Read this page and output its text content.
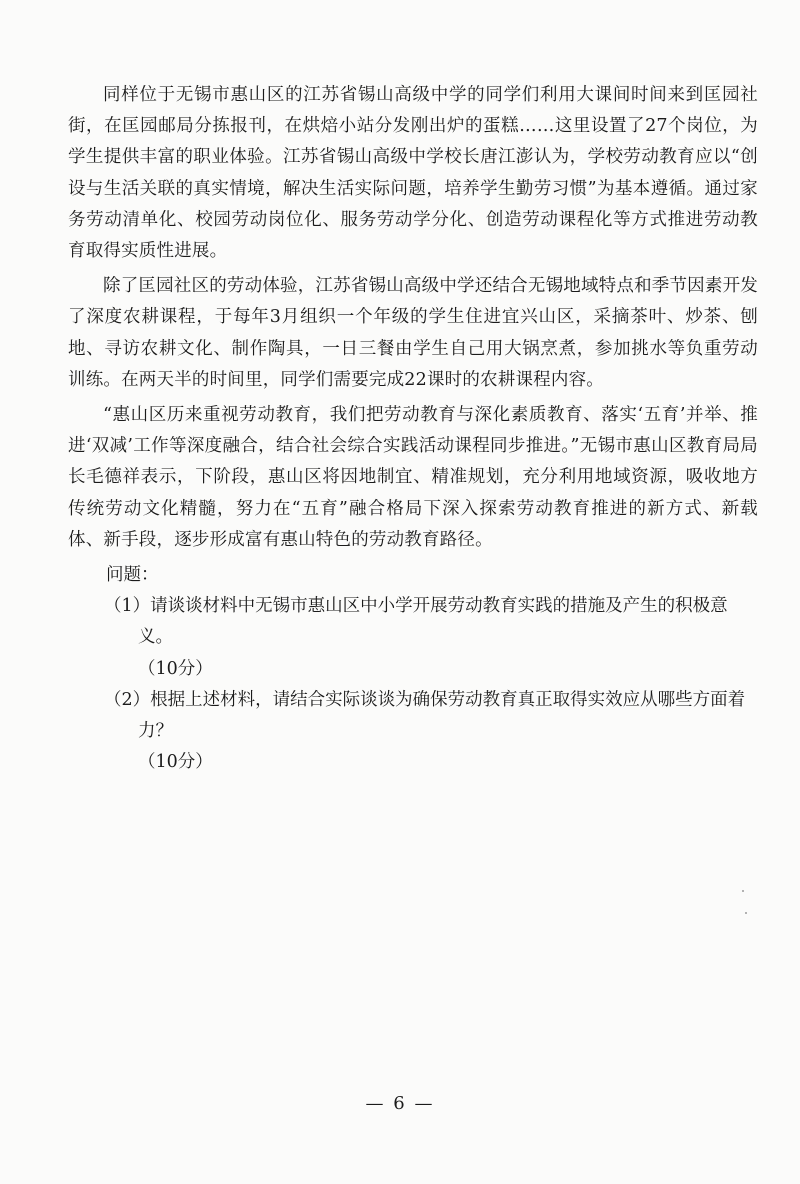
同样位于无锡市惠山区的江苏省锡山高级中学的同学们利用大课间时间来到匡园社街，在匡园邮局分拣报刊，在烘焙小站分发刚出炉的蛋糕……这里设置了27个岗位，为学生提供丰富的职业体验。江苏省锡山高级中学校长唐江澎认为，学校劳动教育应以“创设与生活关联的真实情境，解决生活实际问题，培养学生勤劳习惯”为基本遵循。通过家务劳动清单化、校园劳动岗位化、服务劳动学分化、创造劳动课程化等方式推进劳动教育取得实质性进展。

除了匡园社区的劳动体验，江苏省锡山高级中学还结合无锡地域特点和季节因素开发了深度农耕课程，于每年3月组织一个年级的学生住进宜兴山区，采摘茶叶、炒茶、刨地、寻访农耕文化、制作陶具，一日三餐由学生自己用大锅烹煮，参加挑水等负重劳动训练。在两天半的时间里，同学们需要完成22课时的农耕课程内容。

“惠山区历来重视劳动教育，我们把劳动教育与深化素质教育、落实‘五育’并举、推进‘双减’工作等深度融合，结合社会综合实践活动课程同步推进。”无锡市惠山区教育局局长毛德祥表示，下阶段，惠山区将因地制宜、精准规划，充分利用地域资源，吸收地方传统劳动文化精髓，努力在“五育”融合格局下深入探索劳动教育推进的新方式、新载体、新手段，逐步形成富有惠山特色的劳动教育路径。

问题：

（1）请谈谈材料中无锡市惠山区中小学开展劳动教育实践的措施及产生的积极意义。
（10分）

（2）根据上述材料，请结合实际谈谈为确保劳动教育真正取得实效应从哪些方面着力？
（10分）

— 6 —
